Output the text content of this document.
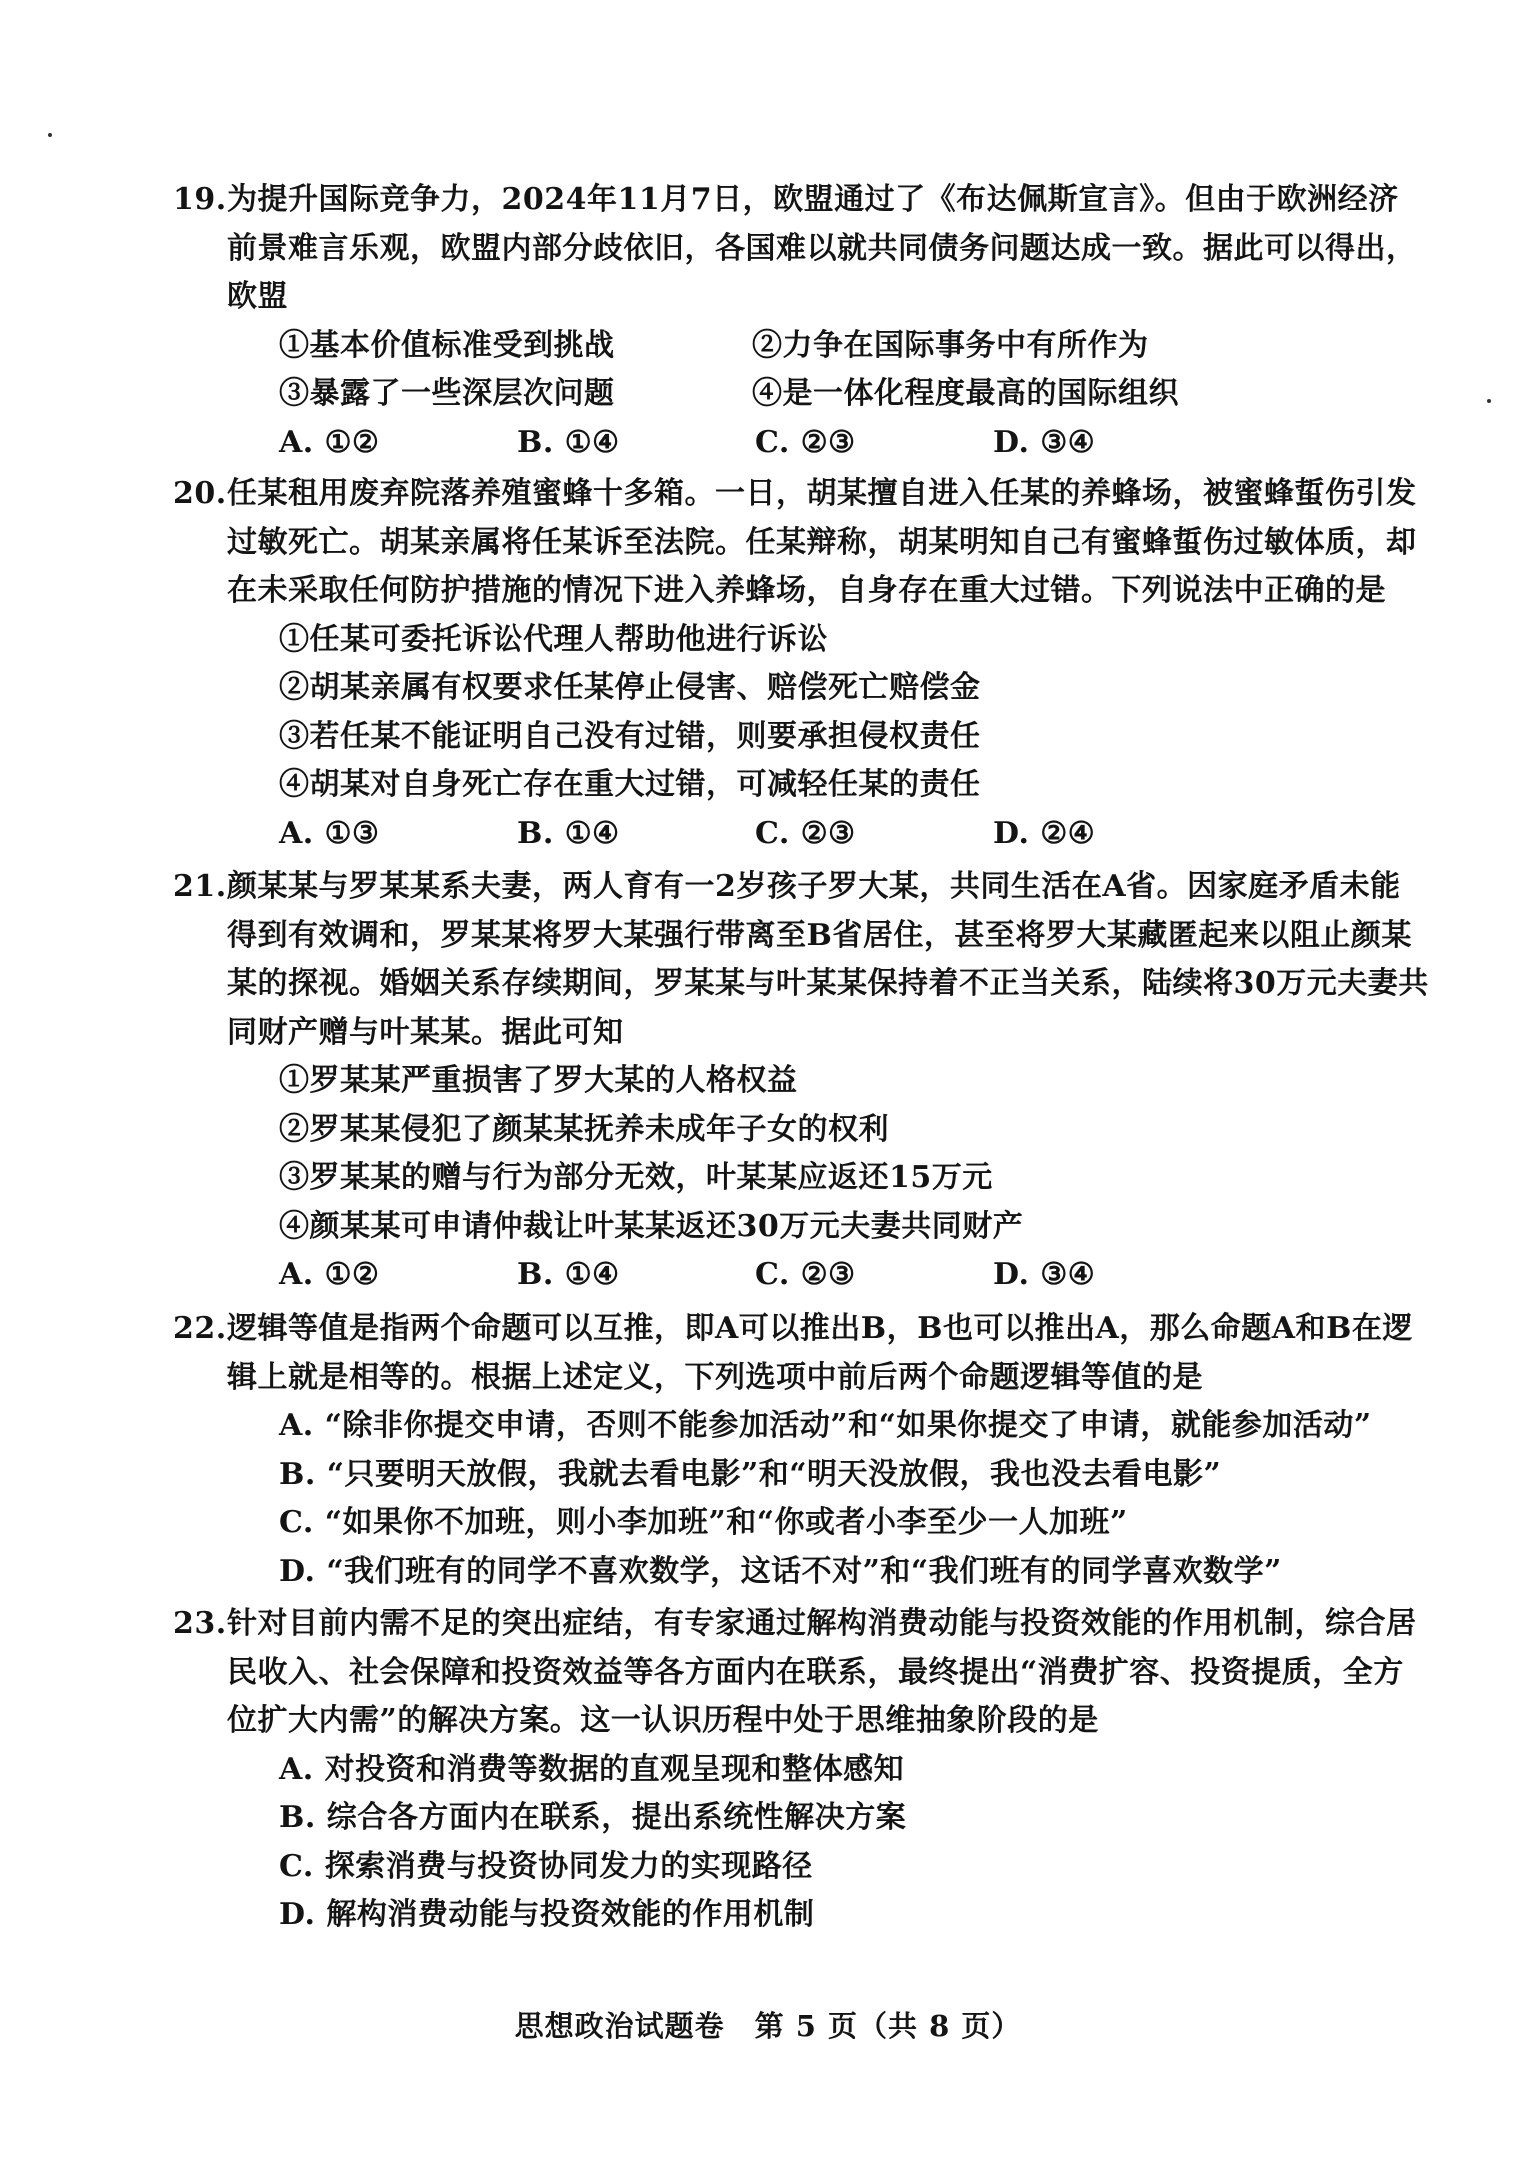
19. 为提升国际竞争力，2024年11月7日，欧盟通过了《布达佩斯宣言》。但由于欧洲经济
前景难言乐观，欧盟内部分歧依旧，各国难以就共同债务问题达成一致。据此可以得出，
欧盟
①基本价值标准受到挑战	②力争在国际事务中有所作为
③暴露了一些深层次问题	④是一体化程度最高的国际组织
A. ①②	B. ①④	C. ②③	D. ③④
20. 任某租用废弃院落养殖蜜蜂十多箱。一日，胡某擅自进入任某的养蜂场，被蜜蜂蜇伤引发
过敏死亡。胡某亲属将任某诉至法院。任某辩称，胡某明知自己有蜜蜂蜇伤过敏体质，却
在未采取任何防护措施的情况下进入养蜂场，自身存在重大过错。下列说法中正确的是
①任某可委托诉讼代理人帮助他进行诉讼
②胡某亲属有权要求任某停止侵害、赔偿死亡赔偿金
③若任某不能证明自己没有过错，则要承担侵权责任
④胡某对自身死亡存在重大过错，可减轻任某的责任
A. ①③	B. ①④	C. ②③	D. ②④
21. 颜某某与罗某某系夫妻，两人育有一2岁孩子罗大某，共同生活在A省。因家庭矛盾未能
得到有效调和，罗某某将罗大某强行带离至B省居住，甚至将罗大某藏匿起来以阻止颜某
某的探视。婚姻关系存续期间，罗某某与叶某某保持着不正当关系，陆续将30万元夫妻共
同财产赠与叶某某。据此可知
①罗某某严重损害了罗大某的人格权益
②罗某某侵犯了颜某某抚养未成年子女的权利
③罗某某的赠与行为部分无效，叶某某应返还15万元
④颜某某可申请仲裁让叶某某返还30万元夫妻共同财产
A. ①②	B. ①④	C. ②③	D. ③④
22. 逻辑等值是指两个命题可以互推，即A可以推出B，B也可以推出A，那么命题A和B在逻
辑上就是相等的。根据上述定义，下列选项中前后两个命题逻辑等值的是
A. “除非你提交申请，否则不能参加活动”和“如果你提交了申请，就能参加活动”
B. “只要明天放假，我就去看电影”和“明天没放假，我也没去看电影”
C. “如果你不加班，则小李加班”和“你或者小李至少一人加班”
D. “我们班有的同学不喜欢数学，这话不对”和“我们班有的同学喜欢数学”
23. 针对目前内需不足的突出症结，有专家通过解构消费动能与投资效能的作用机制，综合居
民收入、社会保障和投资效益等各方面内在联系，最终提出“消费扩容、投资提质，全方
位扩大内需”的解决方案。这一认识历程中处于思维抽象阶段的是
A. 对投资和消费等数据的直观呈现和整体感知
B. 综合各方面内在联系，提出系统性解决方案
C. 探索消费与投资协同发力的实现路径
D. 解构消费动能与投资效能的作用机制
思想政治试题卷　第 5 页（共 8 页）
